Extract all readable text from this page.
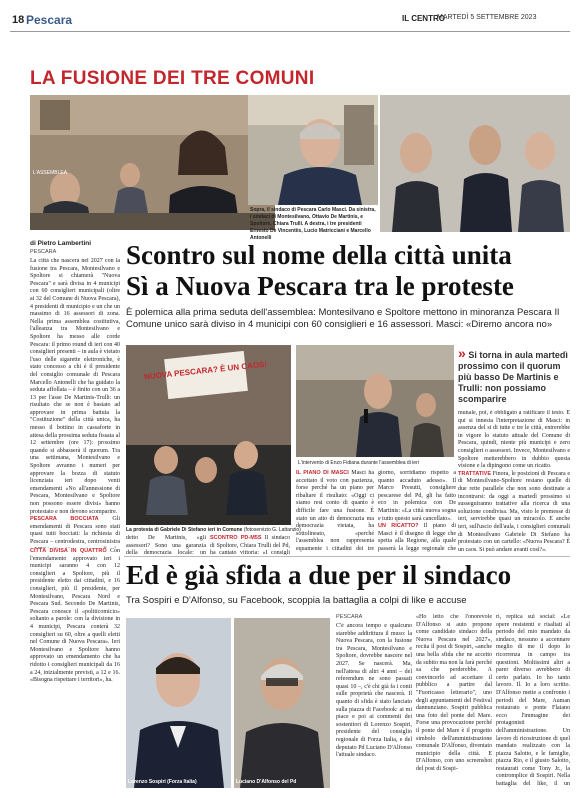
18 Pescara	IL CENTRO
MARTEDÌ 5 SETTEMBRE 2023
LA FUSIONE DEI TRE COMUNI
Sopra, il sindaco di Pescara Carlo Masci. Da sinistra, i sindaci di Montesilvano, Ottavio De Martinis, e Spoltore, Chiara Trulli. A destra, i tre presidenti Ernesto De Vincentiis, Lucio Matricciani e Marcello Antonelli
L'ASSEMBLEA
di Pietro Lambertini
PESCARA	Scontro sul nome della città unita
Sì a Nuova Pescara tra le proteste
È polemica alla prima seduta dell'assemblea: Montesilvano e Spoltore mettono in minoranza Pescara Il Comune unico sarà diviso in 4 municipi con 60 consiglieri e 16 assessori. Masci: «Diremo ancora no»
La città che nascerà nel 2027 con la fusione tra Pescara, Montesilvano e Spoltore si chiamerà "Nuova Pescara" e sarà divisa in 4 municipi con 60 consiglieri municipali (oltre ai 32 del Comune di Nuova Pescara), 4 presidenti di municipio e un che un massimo di 16 assessori di zona. Nella prima assemblea costitutiva, l'alleanza tra Montesilvano e Spoltore ha messo alle corde Pescara: il primo round di ieri con 40 consiglieri presenti – in aula è vietato l'uso delle sigarette elettroniche, è stato concesso a chi è il presidente del consiglio comunale di Pescara Marcello Antonelli che ha guidato la seduta affollata – è finito con un 36 a 13 per l'asse De Martinis-Trulli: un risultato che se non è bastato ad approvare in prima battuta la "Costituzione" della città unica, ha messo il bottino in cassaforte in attesa della prossima seduta fissata al 12 settembre (ore 17): prossimo quando si abbasserà il quorum. Tra una settimana, Montesilvano e Spoltore avranno i numeri per approvare la bozza di statuto licenziata ieri dopo venti emendamenti «No all'annessione di Pescara, Montesilvano e Spoltore non possono essere divisi» hanno protestato e non devono scomparire.
PESCARA BOCCIATA Gli emendamenti di Pescara sono stati quasi tutti bocciati: la richiesta di Pescara – centrodestra, centrosinistra
CITTÀ DIVISA IN QUATTRO Con l'emendamento approvato ieri i municipi saranno 4 con 12 consiglieri a Spoltore, più il presidente eletto dai cittadini, e 16 consiglieri, più il presidente, per Montesilvano, Pescara Nord e Pescara Sud. Secondo De Martinis, Pescara conosce il «politicomicio» soltanto a parole: con la divisione in 4 municipi, Pescara conterà 32 consiglieri su 60, oltre a quelli eletti nel Comune di Nuova Pescara». Ieri Montesilvano e Spoltore hanno approvato un emendamento che ha ridotto i consiglieri municipali da 16 a 24, inizialmente previsti, a 12 e 16. «Bisogna rispettare i territori», ha.
NUOVA PESCARA? È UN CAOS!
La protesta di Gabriele Di Stefano ieri in Comune (fotoservizio G. Lattanzio)
L'intervento di Enzo Fidiana durante l'assemblea di ieri
detto De Martinis, «gli assessori? Sono una garanzia della democrazia locale: un
SCONTRO PD-M5S Il sindaco di Spoltore, Chiara Trulli del Pd, ha cantato vittoria: «I consigli
IL PIANO DI MASCI Masci ha accettato il voto con pazienza, forse perché ha un piano per ribaltare il risultato: «Oggi ci siamo resi conto di quanto è difficile fare una fusione. È stato un atto di democrazia ma democrazia vietata, ha sottolineato, «perché l'assemblea non rappresenta equamente i cittadini dei tre
giorno, sorridiamo rispetto a quanto accaduto adesso». Il Marco Presutti, consigliere pescarese del Pd, gli ha fatto eco in polemica con De Martinis: «La città nuova sogna e tutto questo sarà cancellato».
UN RICATTO? Il piano di Masci è il disegno di legge che spetta alla Regione, alla quale passerà la legge regionale che
» Si torna in aula martedì prossimo con il quorum più basso De Martinis e Trulli: non possiamo scomparire
munale, poi, è obbligato a ratificare il testo. E qui si innesta l'interpretazione di Masci: in assenza del si di tutte e tre le città, entrerebbe in vigore lo statuto attuale del Comune di Pescara, quindi, niente più municipi e zero consiglieri o assessori. Invece, Montesilvano e Spoltore metterebbero in dubbio questa visione e la dipingono come un ricatto.
TRATTATIVE Finora, le posizioni di Pescara e di Montesilvano-Spoltore restano quelle di due rette parallele che non sono destinate a incontrarsi: da oggi a martedì prossimo si susseguiranno trattative alla ricerca di una soluzione condivisa. Ma, visto le premesse di ieri, servirebbe quasi un miracolo. E anche ieri, sull'uscio dell'aula, i consiglieri comunali di Montesilvano Gabriele Di Stefano ha protestato con un cartello: «Nuova Pescara? È un caos. Si può andare avanti così?».
Ed è già sfida a due per il sindaco
Tra Sospiri e D'Alfonso, su Facebook, scoppia la battaglia a colpi di like e accuse
Lorenzo Sospiri (Forza Italia)	Luciano D'Alfonso del Pd
PESCARA
C'è ancora tempo e qualcuno starebbe addirittura il muso: la Nuova Pescara, con la fusione tra Pescara, Montesilvano e Spoltore, dovrebbe nascere nel 2027. Se nascerà. Ma, nell'attesa di altri 4 anni – del referendum ne sono passati quasi 10 –, c'è chi già fa i conti sulle proprietà che nascerà. Il quanto di sfida è stato lanciato sulla piazza di Facebook: ai mi piace e poi ai commenti dei sostenitori di Lorenzo Sospiri, presidente del consiglio regionale di Forza Italia, e del deputato Pd Luciano D'Alfonso l'attuale sindaco.
«Ho letto che l'onorevole D'Alfonso si auto propone come candidato sindaco della Nuova Pescara nel 2027», recita il post di Sospiri, «anche una bella sfida che ne accetto da subito ma non la farà perché sa che perderebbe. A convincerlo ad accettare il pubblico a partire dal "Fuoricasso letterario", uno degli appuntamenti del Festival dannunziano. Sospiri pubblica una foto del ponte del Mare. Forse una provocazione perché il ponte del Mare è il progetto simbolo dell'amministrazione comunale D'Alfonso, diventato municipio della città. E D'Alfonso, con uno screenshot del post di Sospi-
ri, replica sui social: «Le opere resistenti e risaltati al periodo del mio mandato da sindaco, nessuno a accennare meglio di me il dopo lo ricorrenza in campo tra questioni. Moltissimi altri a parer diverso avrebbero di certo parlato. Io ho tanto lavoro. Il. Io a loro scritto. D'Alfonso mette a confronto i periodi del Mare, Auman restaurato e ponte Flaiano ecco l'immagine dei protagonisti dell'amministrazione. Un lavoro di ricostruzione di quel mandato realizzato con la piazza Salotto, e le famiglie, piazza Rio, e il giusto Salotto, restaurati come Tony Jr., la contromplice di Sospiri. Nella battaglia del like, il un
